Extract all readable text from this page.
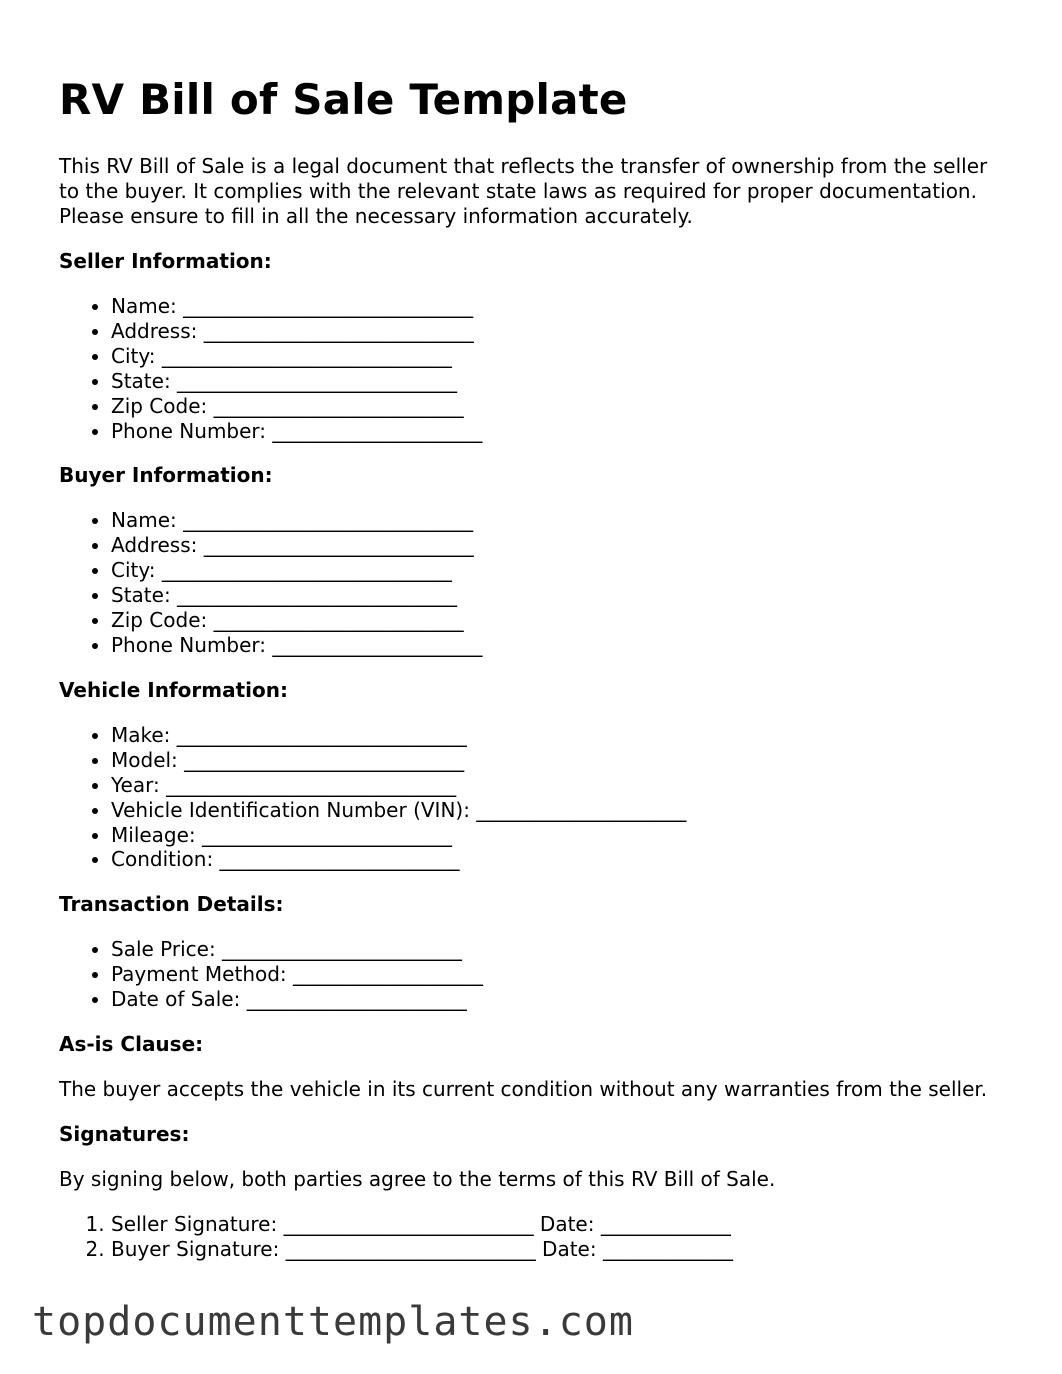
RV Bill of Sale Template

This RV Bill of Sale is a legal document that reflects the transfer of ownership from the seller to the buyer. It complies with the relevant state laws as required for proper documentation. Please ensure to fill in all the necessary information accurately.

Seller Information:
• Name: _____________________________
• Address: ___________________________
• City: _____________________________
• State: ____________________________
• Zip Code: _________________________
• Phone Number: _____________________
Buyer Information:
• Name: _____________________________
• Address: ___________________________
• City: _____________________________
• State: ____________________________
• Zip Code: _________________________
• Phone Number: _____________________
Vehicle Information:
• Make: _____________________________
• Model: ____________________________
• Year: _____________________________
• Vehicle Identification Number (VIN): _____________________
• Mileage: _________________________
• Condition: ________________________
Transaction Details:
• Sale Price: ________________________
• Payment Method: ___________________
• Date of Sale: ______________________
As-is Clause:

The buyer accepts the vehicle in its current condition without any warranties from the seller.

Signatures:

By signing below, both parties agree to the terms of this RV Bill of Sale.

1. Seller Signature: _________________________ Date: _____________
2. Buyer Signature: _________________________ Date: _____________
topdocumenttemplates.com
